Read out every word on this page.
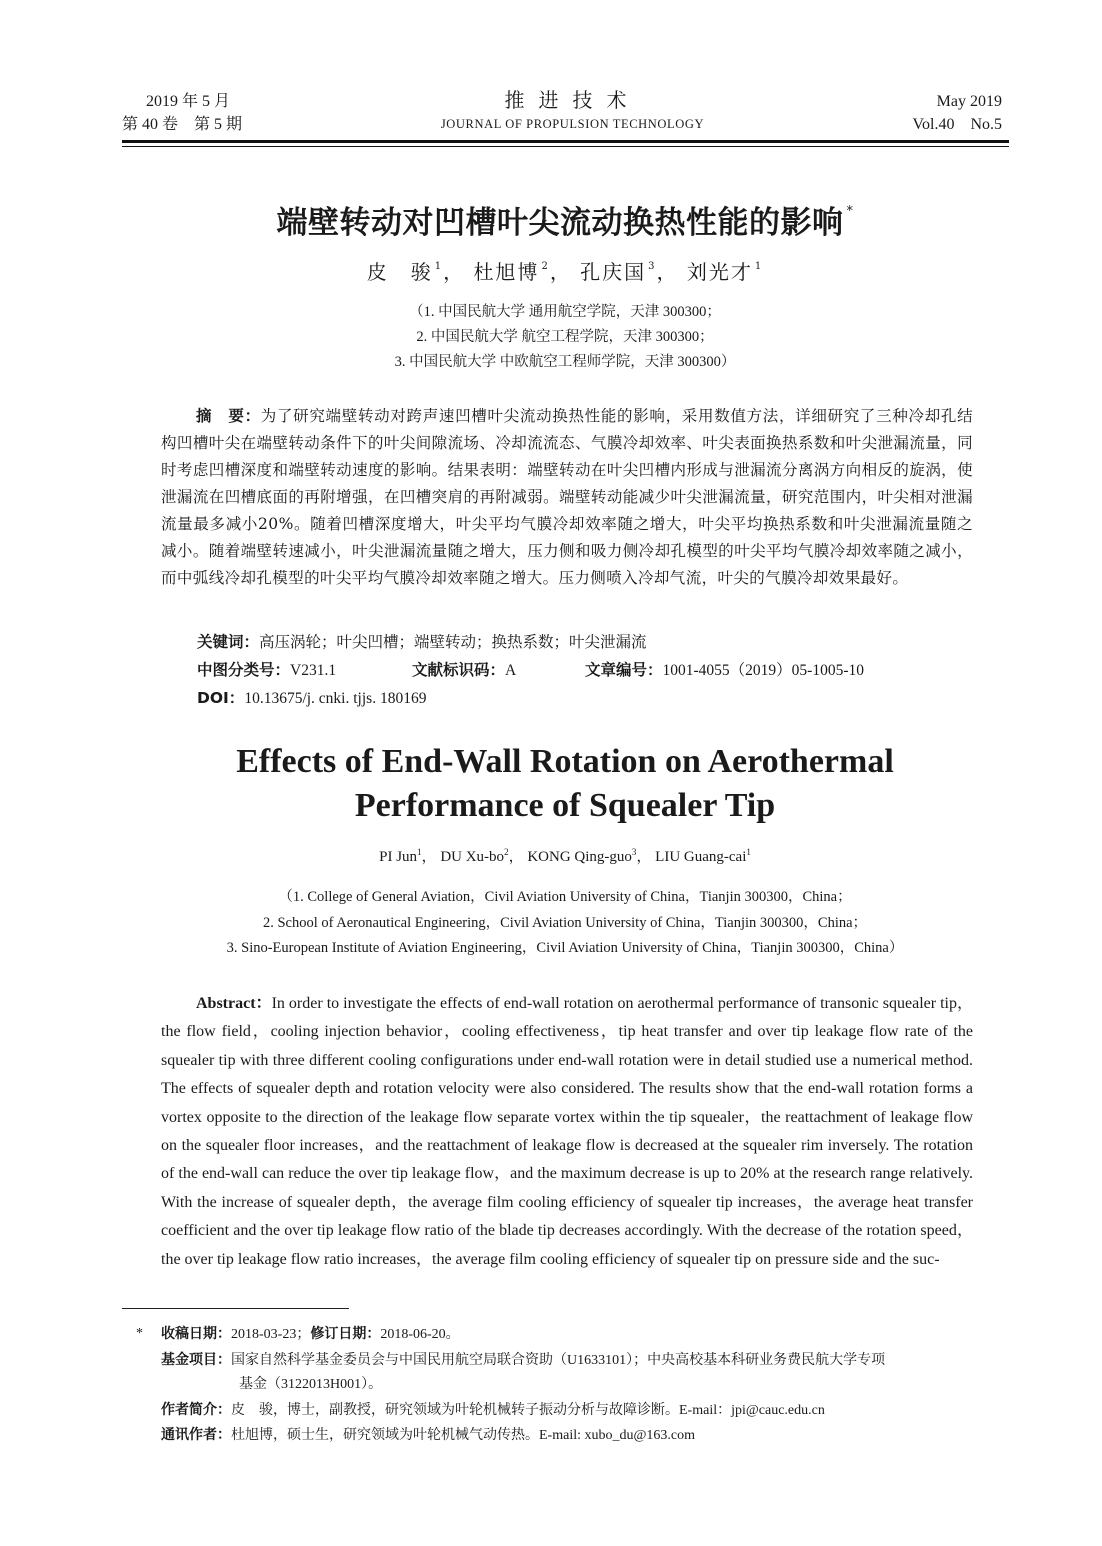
2019 年 5 月
第 40 卷　第 5 期
推进技术
JOURNAL OF PROPULSION TECHNOLOGY
May 2019
Vol.40　No.5
端壁转动对凹槽叶尖流动换热性能的影响 *
皮　骏 $^1$， 杜旭博 $^2$， 孔庆国 $^3$， 刘光才 $^1$
（1. 中国民航大学 通用航空学院，天津 300300；
2. 中国民航大学 航空工程学院，天津 300300；
3. 中国民航大学 中欧航空工程师学院，天津 300300）
摘　要：为了研究端壁转动对跨声速凹槽叶尖流动换热性能的影响，采用数值方法，详细研究了三种冷却孔结构凹槽叶尖在端壁转动条件下的叶尖间隙流场、冷却流流态、气膜冷却效率、叶尖表面换热系数和叶尖泄漏流量，同时考虑凹槽深度和端壁转动速度的影响。结果表明：端壁转动在叶尖凹槽内形成与泄漏流分离涡方向相反的旋涡，使泄漏流在凹槽底面的再附增强，在凹槽突肩的再附减弱。端壁转动能减少叶尖泄漏流量，研究范围内，叶尖相对泄漏流量最多减小20%。随着凹槽深度增大，叶尖平均气膜冷却效率随之增大，叶尖平均换热系数和叶尖泄漏流量随之减小。随着端壁转速减小，叶尖泄漏流量随之增大，压力侧和吸力侧冷却孔模型的叶尖平均气膜冷却效率随之减小，而中弧线冷却孔模型的叶尖平均气膜冷却效率随之增大。压力侧喷入冷却气流，叶尖的气膜冷却效果最好。
关键词：高压涡轮；叶尖凹槽；端壁转动；换热系数；叶尖泄漏流
中图分类号：V231.1	文献标识码：A	文章编号：1001-4055（2019）05-1005-10
DOI：10.13675/j. cnki. tjjs. 180169
Effects of End-Wall Rotation on Aerothermal
Performance of Squealer Tip
PI Jun$^1$， DU $Xu-bo^2$， KONG Qing-guo$^3$， LIU Guang-cai$^1$
（1. College of General Aviation，Civil Aviation University of China，Tianjin 300300，China；
2. School of Aeronautical Engineering，Civil Aviation University of China，Tianjin 300300，China；
3. Sino-European Institute of Aviation Engineering，Civil Aviation University of China，Tianjin 300300，China）
Abstract：In order to investigate the effects of end-wall rotation on aerothermal performance of transonic squealer tip，the flow field，cooling injection behavior，cooling effectiveness，tip heat transfer and over tip leakage flow rate of the squealer tip with three different cooling configurations under end-wall rotation were in detail studied use a numerical method. The effects of squealer depth and rotation velocity were also considered. The results show that the end-wall rotation forms a vortex opposite to the direction of the leakage flow separate vortex within the tip squealer，the reattachment of leakage flow on the squealer floor increases，and the reattachment of leakage flow is decreased at the squealer rim inversely. The rotation of the end-wall can reduce the over tip leakage flow，and the maximum decrease is up to 20% at the research range relatively. With the increase of squealer depth，the average film cooling efficiency of squealer tip increases，the average heat transfer coefficient and the over tip leakage flow ratio of the blade tip decreases accordingly. With the decrease of the rotation speed，the over tip leakage flow ratio increases，the average film cooling efficiency of squealer tip on pressure side and the suc-
*	收稿日期：2018-03-23；修订日期：2018-06-20。
基金项目：国家自然科学基金委员会与中国民用航空局联合资助（U1633101）；中央高校基本科研业务费民航大学专项
基金（3122013H001）。
作者简介：皮　骏，博士，副教授，研究领域为叶轮机械转子振动分析与故障诊断。E-mail：jpi@cauc.edu.cn
通讯作者：杜旭博，硕士生，研究领域为叶轮机械气动传热。E-mail: xubo_du@163.com
